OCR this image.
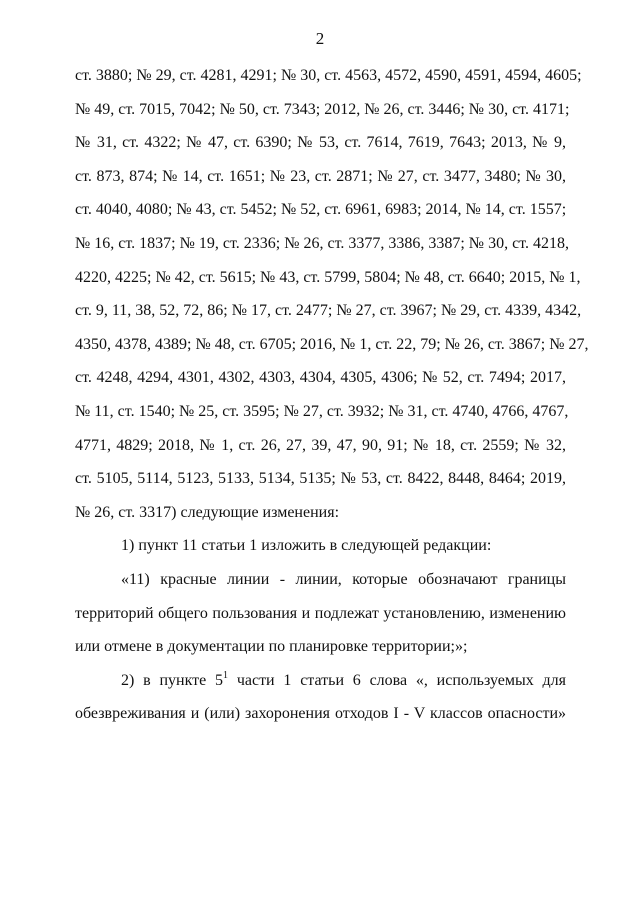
2
ст. 3880; № 29, ст. 4281, 4291; № 30, ст. 4563, 4572, 4590, 4591, 4594, 4605;
№ 49, ст. 7015, 7042; № 50, ст. 7343; 2012, № 26, ст. 3446; № 30, ст. 4171;
№ 31, ст. 4322; № 47, ст. 6390; № 53, ст. 7614, 7619, 7643; 2013, № 9,
ст. 873, 874; № 14, ст. 1651; № 23, ст. 2871; № 27, ст. 3477, 3480; № 30,
ст. 4040, 4080; № 43, ст. 5452; № 52, ст. 6961, 6983; 2014, № 14, ст. 1557;
№ 16, ст. 1837; № 19, ст. 2336; № 26, ст. 3377, 3386, 3387; № 30, ст. 4218,
4220, 4225; № 42, ст. 5615; № 43, ст. 5799, 5804; № 48, ст. 6640; 2015, № 1,
ст. 9, 11, 38, 52, 72, 86; № 17, ст. 2477; № 27, ст. 3967; № 29, ст. 4339, 4342,
4350, 4378, 4389; № 48, ст. 6705; 2016, № 1, ст. 22, 79; № 26, ст. 3867; № 27,
ст. 4248, 4294, 4301, 4302, 4303, 4304, 4305, 4306; № 52, ст. 7494; 2017,
№ 11, ст. 1540; № 25, ст. 3595; № 27, ст. 3932; № 31, ст. 4740, 4766, 4767,
4771, 4829; 2018, № 1, ст. 26, 27, 39, 47, 90, 91; № 18, ст. 2559; № 32,
ст. 5105, 5114, 5123, 5133, 5134, 5135; № 53, ст. 8422, 8448, 8464; 2019,
№ 26, ст. 3317) следующие изменения:
1) пункт 11 статьи 1 изложить в следующей редакции:
«11) красные линии - линии, которые обозначают границы
территорий общего пользования и подлежат установлению, изменению
или отмене в документации по планировке территории;»;
2) в пункте 5$^1$ части 1 статьи 6 слова «, используемых для
обезвреживания и (или) захоронения отходов I - V классов опасности»
